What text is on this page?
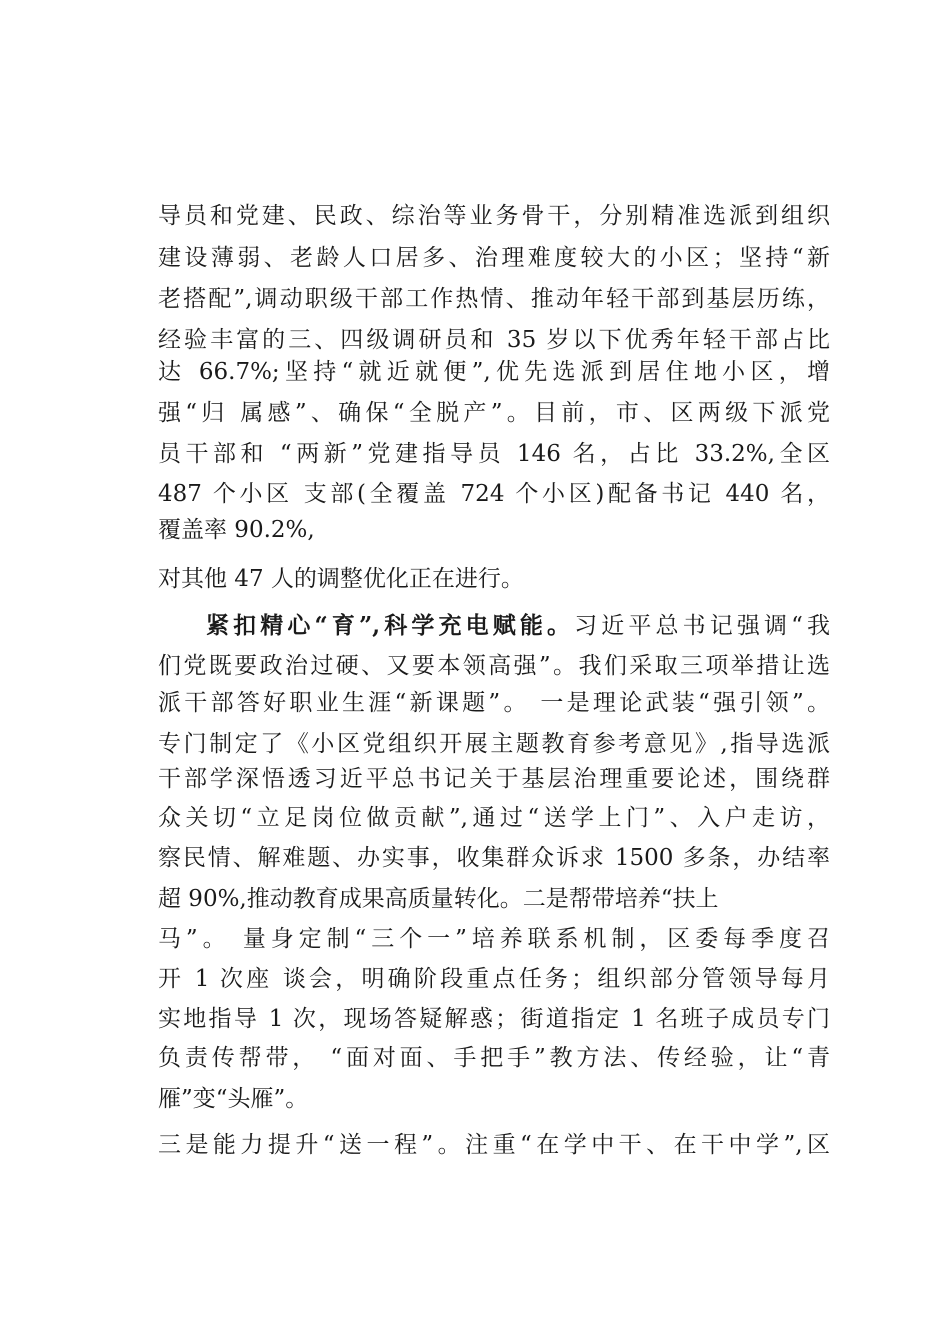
导员和党建、民政、综治等业务骨干，分别精准选派到组织
建设薄弱、老龄人口居多、治理难度较大的小区；坚持“新
老搭配”,调动职级干部工作热情、推动年轻干部到基层历练，
经验丰富的三、四级调研员和 35 岁以下优秀年轻干部占比
达 66.7%;坚持“就近就便”,优先选派到居住地小区，增
强“归 属感”、确保“全脱产”。目前，市、区两级下派党
员干部和 “两新”党建指导员 146 名，占比 33.2%,全区
487 个小区 支部(全覆盖 724 个小区)配备书记 440 名，
覆盖率 90.2%,
对其他 47 人的调整优化正在进行。
紧扣精心“育”,科学充电赋能。习近平总书记强调“我
们党既要政治过硬、又要本领高强”。我们采取三项举措让选
派干部答好职业生涯“新课题”。 一是理论武装“强引领”。
专门制定了《小区党组织开展主题教育参考意见》,指导选派
干部学深悟透习近平总书记关于基层治理重要论述，围绕群
众关切“立足岗位做贡献”,通过“送学上门”、入户走访，
察民情、解难题、办实事，收集群众诉求 1500 多条，办结率
超 90%,推动教育成果高质量转化。二是帮带培养“扶上
马”。 量身定制“三个一”培养联系机制，区委每季度召
开 1 次座 谈会，明确阶段重点任务；组织部分管领导每月
实地指导 1 次，现场答疑解惑；街道指定 1 名班子成员专门
负责传帮带， “面对面、手把手”教方法、传经验，让“青
雁”变“头雁”。
三是能力提升“送一程”。注重“在学中干、在干中学”,区
